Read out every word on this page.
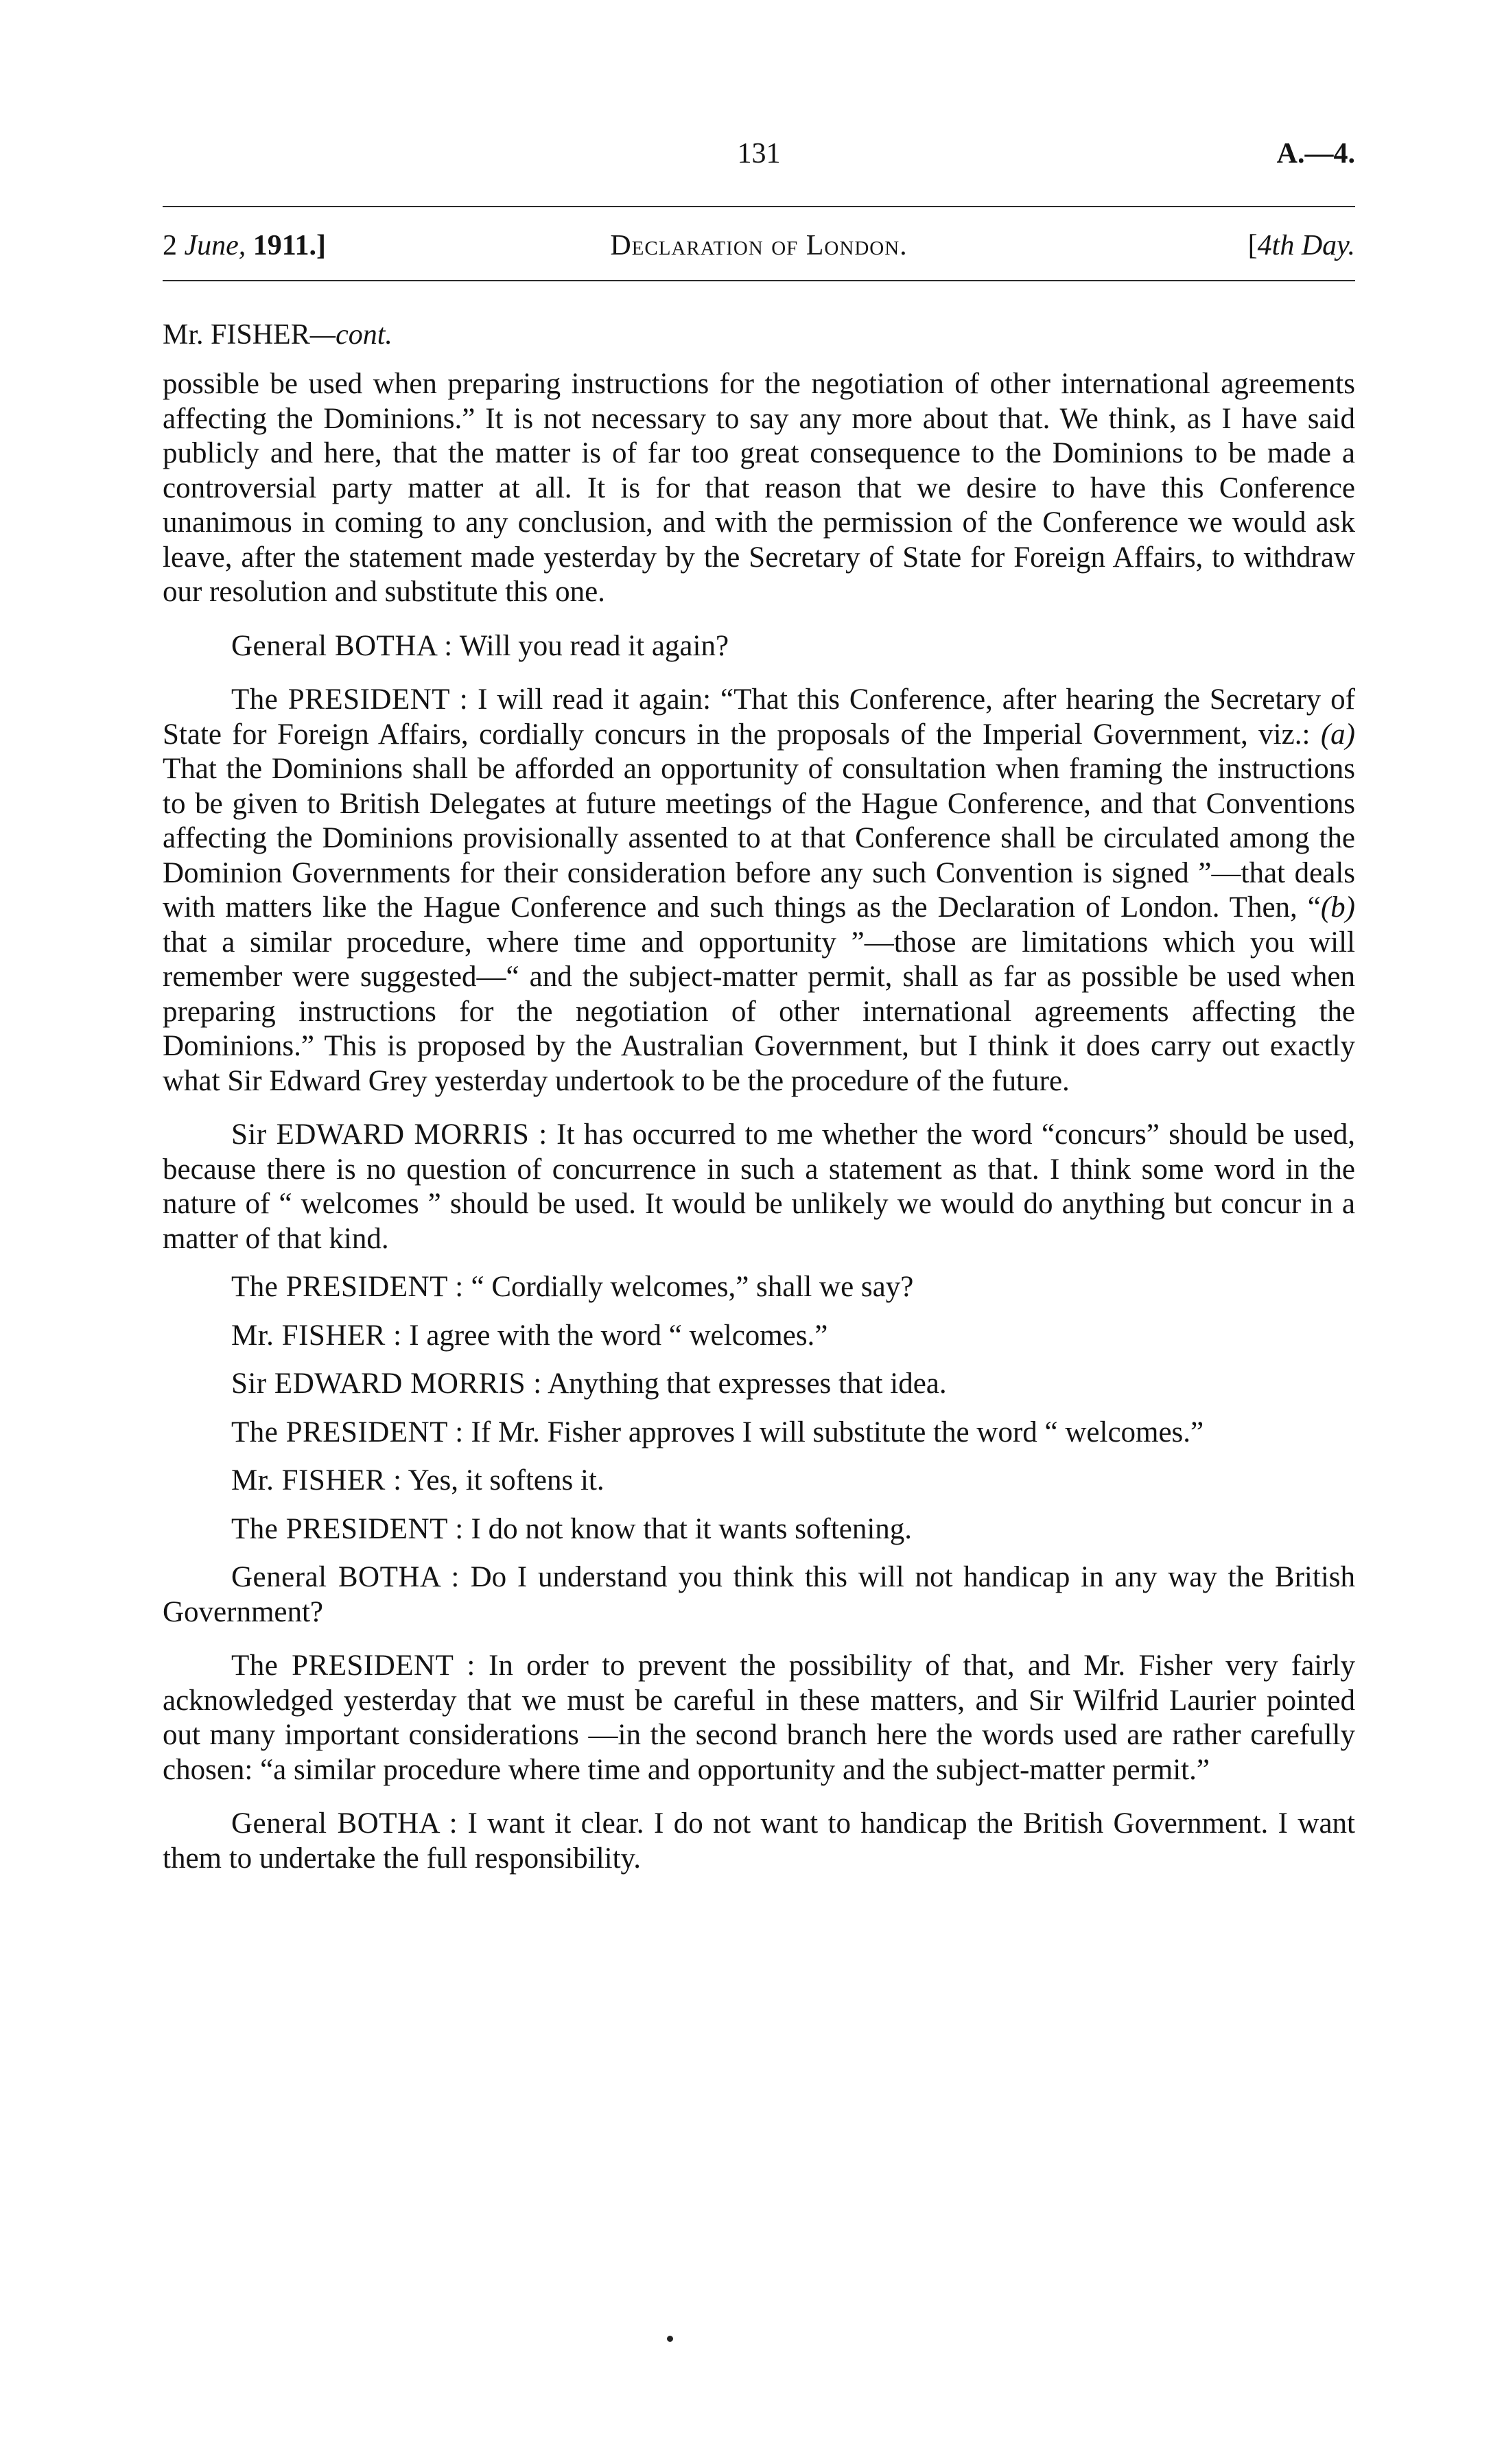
131	A.—4.
2 June, 1911.]	Declaration of London.	[4th Day.
Mr. FISHER—cont.

possible be used when preparing instructions for the negotiation of other international agreements affecting the Dominions.” It is not necessary to say any more about that. We think, as I have said publicly and here, that the matter is of far too great consequence to the Dominions to be made a controversial party matter at all. It is for that reason that we desire to have this Conference unanimous in coming to any conclusion, and with the permission of the Conference we would ask leave, after the statement made yesterday by the Secretary of State for Foreign Affairs, to withdraw our resolution and substitute this one.

General BOTHA : Will you read it again?

The PRESIDENT : I will read it again: “That this Conference, after hearing the Secretary of State for Foreign Affairs, cordially concurs in the proposals of the Imperial Government, viz.: (a) That the Dominions shall be afforded an opportunity of consultation when framing the instructions to be given to British Delegates at future meetings of the Hague Conference, and that Conventions affecting the Dominions provisionally assented to at that Conference shall be circulated among the Dominion Governments for their consideration before any such Convention is signed ”—that deals with matters like the Hague Conference and such things as the Declaration of London. Then, “(b) that a similar procedure, where time and opportunity ”—those are limitations which you will remember were suggested—“ and the subject-matter permit, shall as far as possible be used when preparing instructions for the negotiation of other international agreements affecting the Dominions.” This is proposed by the Australian Government, but I think it does carry out exactly what Sir Edward Grey yesterday undertook to be the procedure of the future.

Sir EDWARD MORRIS : It has occurred to me whether the word “concurs” should be used, because there is no question of concurrence in such a statement as that. I think some word in the nature of “ welcomes ” should be used. It would be unlikely we would do anything but concur in a matter of that kind.

The PRESIDENT : “ Cordially welcomes,” shall we say?

Mr. FISHER : I agree with the word “ welcomes.”

Sir EDWARD MORRIS : Anything that expresses that idea.

The PRESIDENT : If Mr. Fisher approves I will substitute the word “ welcomes.”

Mr. FISHER : Yes, it softens it.

The PRESIDENT : I do not know that it wants softening.

General BOTHA : Do I understand you think this will not handicap in any way the British Government?

The PRESIDENT : In order to prevent the possibility of that, and Mr. Fisher very fairly acknowledged yesterday that we must be careful in these matters, and Sir Wilfrid Laurier pointed out many important considerations —in the second branch here the words used are rather carefully chosen: “a similar procedure where time and opportunity and the subject-matter permit.”

General BOTHA : I want it clear. I do not want to handicap the British Government. I want them to undertake the full responsibility.
